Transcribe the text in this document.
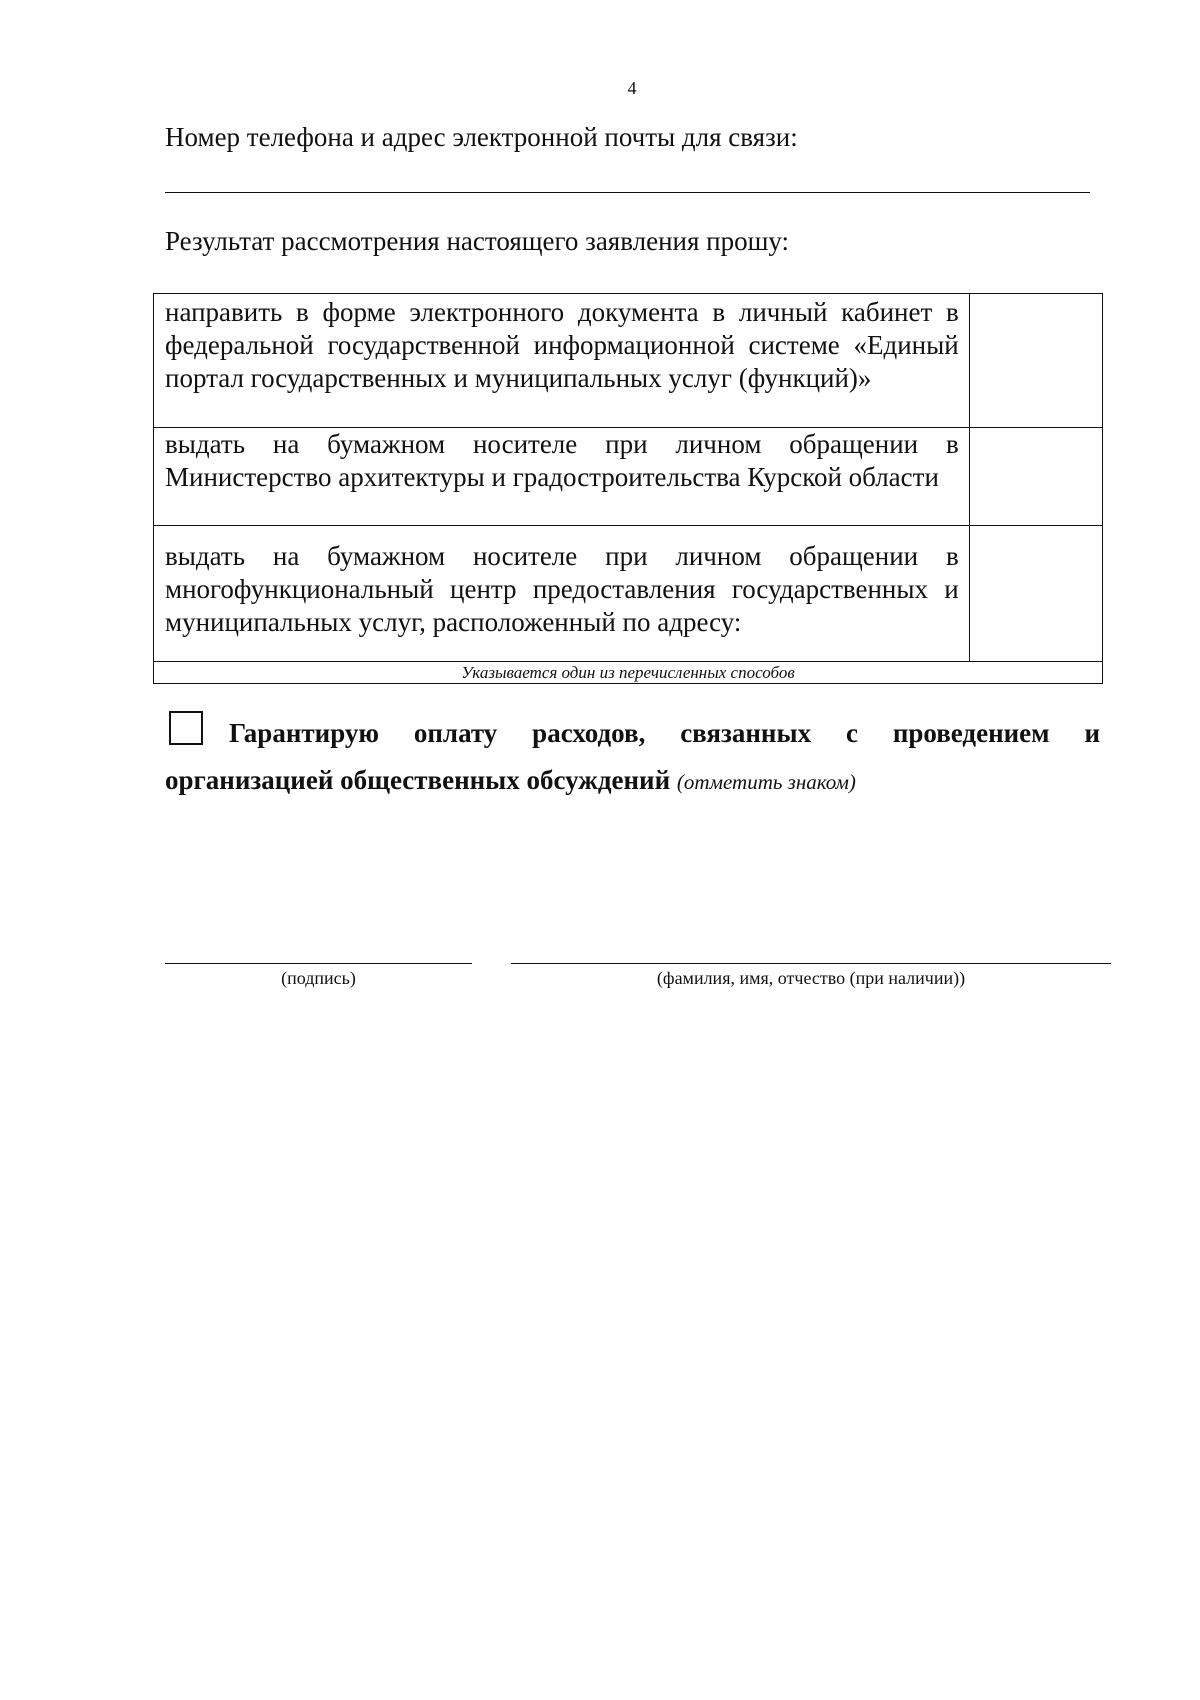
4
Номер телефона и адрес электронной почты для связи:
Результат рассмотрения настоящего заявления прошу:
направить в форме электронного документа в личный кабинет в федеральной государственной информационной системе «Единый портал государственных и муниципальных услуг (функций)»	
выдать на бумажном носителе при личном обращении в Министерство архитектуры и градостроительства Курской области	
выдать на бумажном носителе при личном обращении в многофункциональный центр предоставления государственных и муниципальных услуг, расположенный по адресу:	
Указывается один из перечисленных способов	
Гарантирую оплату расходов, связанных с проведением и
организацией общественных обсуждений (отметить знаком)
(подпись)	(фамилия, имя, отчество (при наличии))
